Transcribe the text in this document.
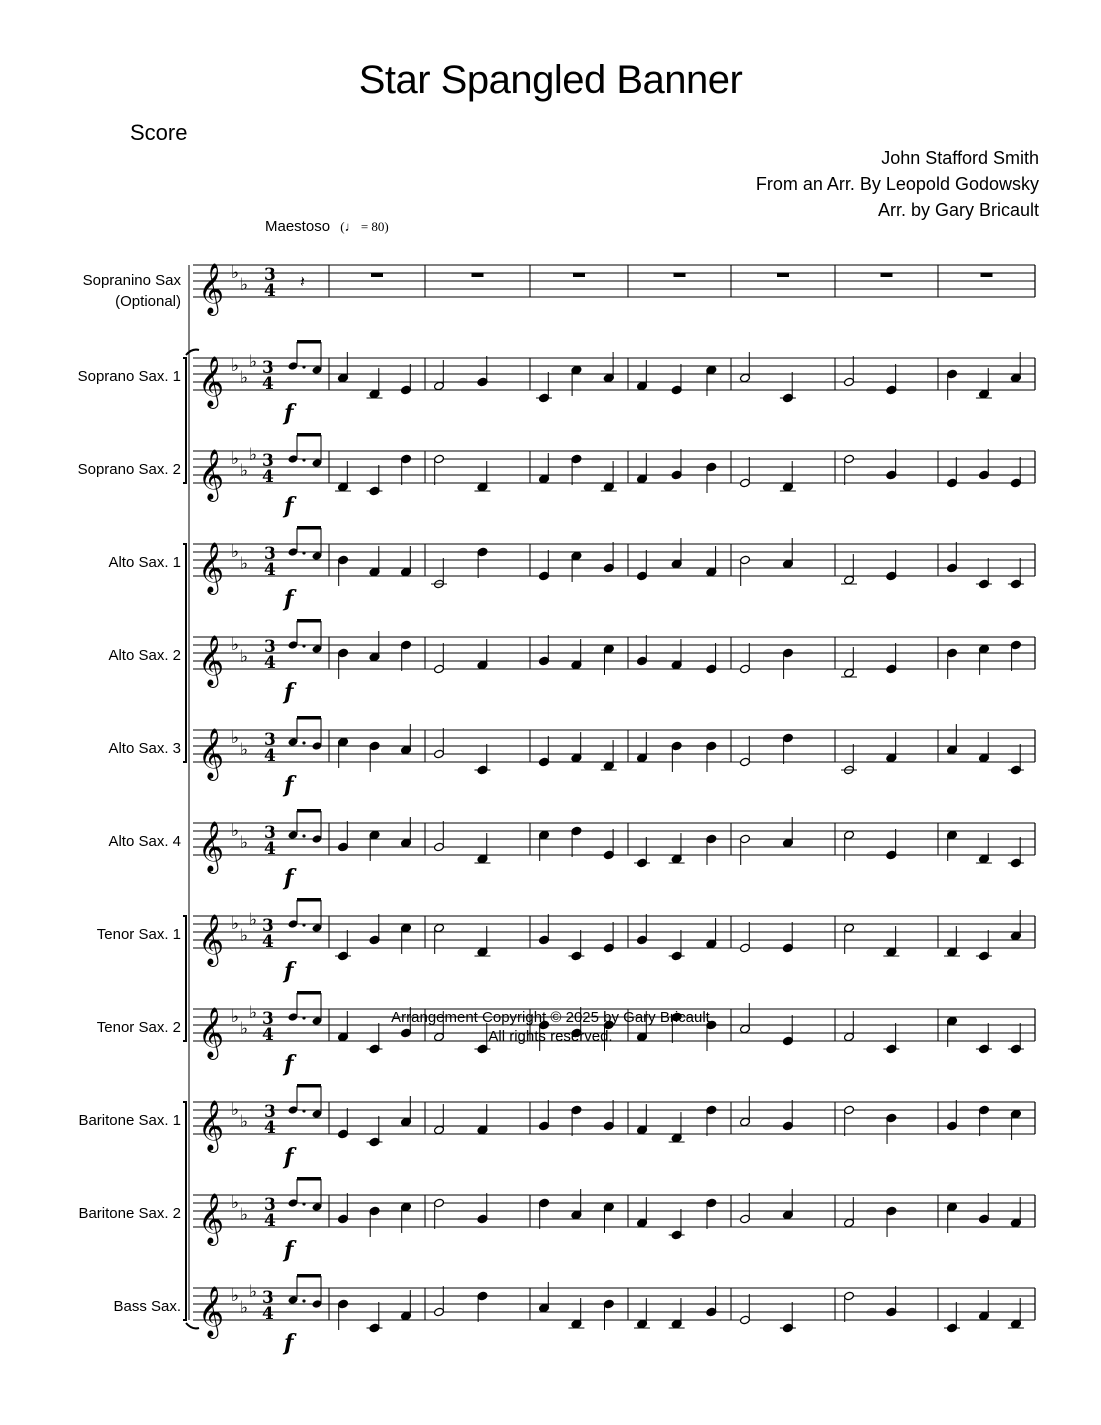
Star Spangled Banner
Score
John Stafford Smith
From an Arr. By Leopold Godowsky
Arr. by Gary Bricault
Maestoso (♩ = 80)
Sopranino Sax
(Optional)
Soprano Sax. 1
Soprano Sax. 2
Alto Sax. 1
Alto Sax. 2
Alto Sax. 3
Alto Sax. 4
Tenor Sax. 1
Tenor Sax. 2
Baritone Sax. 1
Baritone Sax. 2
Bass Sax.
𝄞 ♭
♭ 3
4 𝄽
𝄞 ♭
♭
♭ 3
4
f
𝄞 ♭
♭
♭ 3
4
f
𝄞 ♭
♭ 3
4
f
𝄞 ♭
♭ 3
4
f
𝄞 ♭
♭ 3
4
f
𝄞 ♭
♭ 3
4
f
𝄞 ♭
♭
♭ 3
4
f
𝄞 ♭
♭
♭ 3
4
f
𝄞 ♭
♭ 3
4
f
𝄞 ♭
♭ 3
4
f
𝄞 ♭
♭
♭ 3
4
f
Arrangement Copyright © 2025 by Gary Bricault
All rights reserved.
